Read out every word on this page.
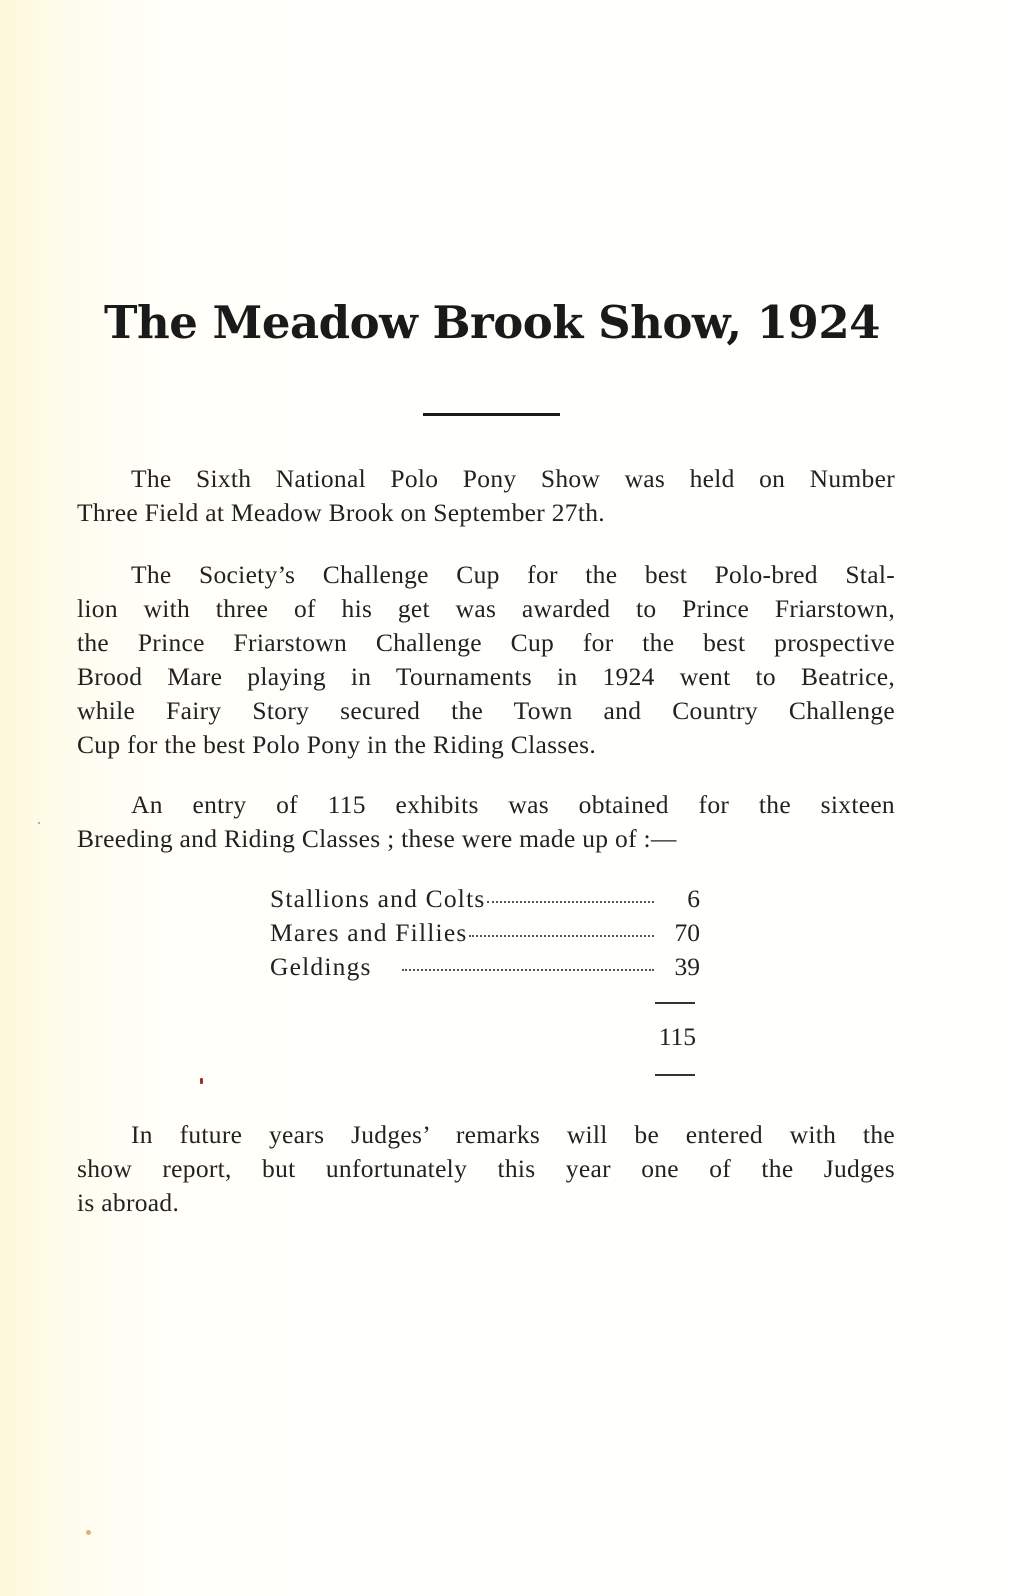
The Meadow Brook Show, 1924

The Sixth National Polo Pony Show was held on Number
Three Field at Meadow Brook on September 27th.

The Society’s Challenge Cup for the best Polo-bred Stal-
lion with three of his get was awarded to Prince Friarstown,
the Prince Friarstown Challenge Cup for the best prospective
Brood Mare playing in Tournaments in 1924 went to Beatrice,
while Fairy Story secured the Town and Country Challenge
Cup for the best Polo Pony in the Riding Classes.

An entry of 115 exhibits was obtained for the sixteen
Breeding and Riding Classes ; these were made up of :—

Stallions and Colts	6
Mares and Fillies	70
Geldings	39
115

In future years Judges’ remarks will be entered with the
show report, but unfortunately this year one of the Judges
is abroad.
